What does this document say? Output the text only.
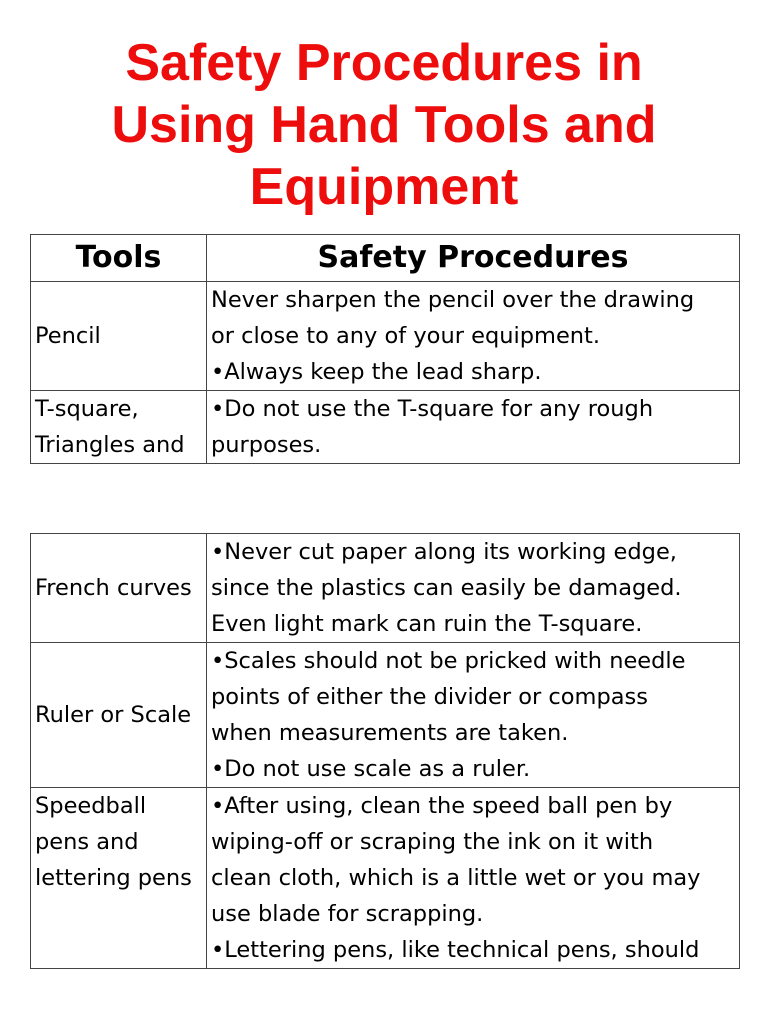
Safety Procedures in
Using Hand Tools and
Equipment
Tools	Safety Procedures

Pencil	Never sharpen the pencil over the drawing
or close to any of your equipment.
•Always keep the lead sharp.

T-square,
Triangles and	•Do not use the T-square for any rough
purposes.
French curves	•Never cut paper along its working edge,
since the plastics can easily be damaged.
Even light mark can ruin the T-square.

Ruler or Scale	•Scales should not be pricked with needle
points of either the divider or compass
when measurements are taken.
•Do not use scale as a ruler.

Speedball
pens and
lettering pens	•After using, clean the speed ball pen by
wiping-off or scraping the ink on it with
clean cloth, which is a little wet or you may
use blade for scrapping.
•Lettering pens, like technical pens, should
